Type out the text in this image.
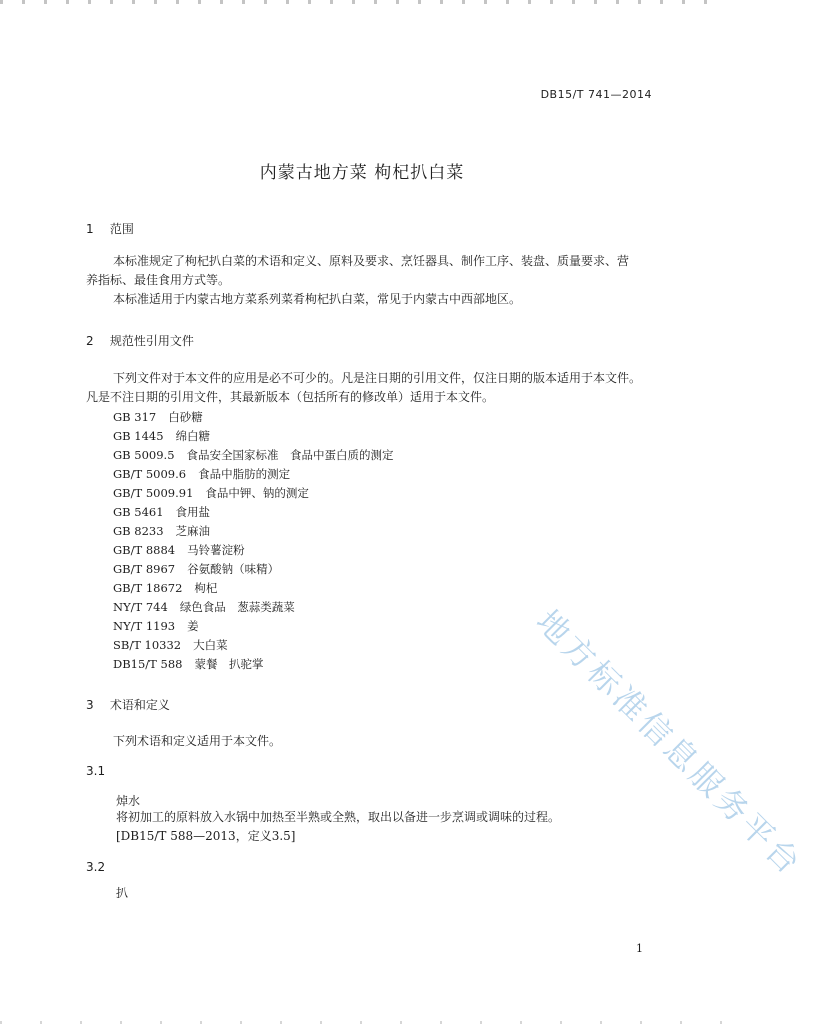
DB15/T 741—2014
内蒙古地方菜 枸杞扒白菜
1 范围
本标准规定了枸杞扒白菜的术语和定义、原料及要求、烹饪器具、制作工序、装盘、质量要求、营
养指标、最佳食用方式等。
本标准适用于内蒙古地方菜系列菜肴枸杞扒白菜，常见于内蒙古中西部地区。
2 规范性引用文件
下列文件对于本文件的应用是必不可少的。凡是注日期的引用文件，仅注日期的版本适用于本文件。
凡是不注日期的引用文件，其最新版本（包括所有的修改单）适用于本文件。
GB 317 白砂糖
GB 1445 绵白糖
GB 5009.5 食品安全国家标准　食品中蛋白质的测定
GB/T 5009.6 食品中脂肪的测定
GB/T 5009.91 食品中钾、钠的测定
GB 5461 食用盐
GB 8233 芝麻油
GB/T 8884 马铃薯淀粉
GB/T 8967 谷氨酸钠（味精）
GB/T 18672 枸杞
NY/T 744 绿色食品　葱蒜类蔬菜
NY/T 1193 姜
SB/T 10332 大白菜
DB15/T 588 蒙餐　扒驼掌
3 术语和定义
下列术语和定义适用于本文件。
3.1
焯水
将初加工的原料放入水锅中加热至半熟或全熟，取出以备进一步烹调或调味的过程。
[DB15/T 588—2013，定义3.5]
3.2
扒
1
地方标准信息服务平台
